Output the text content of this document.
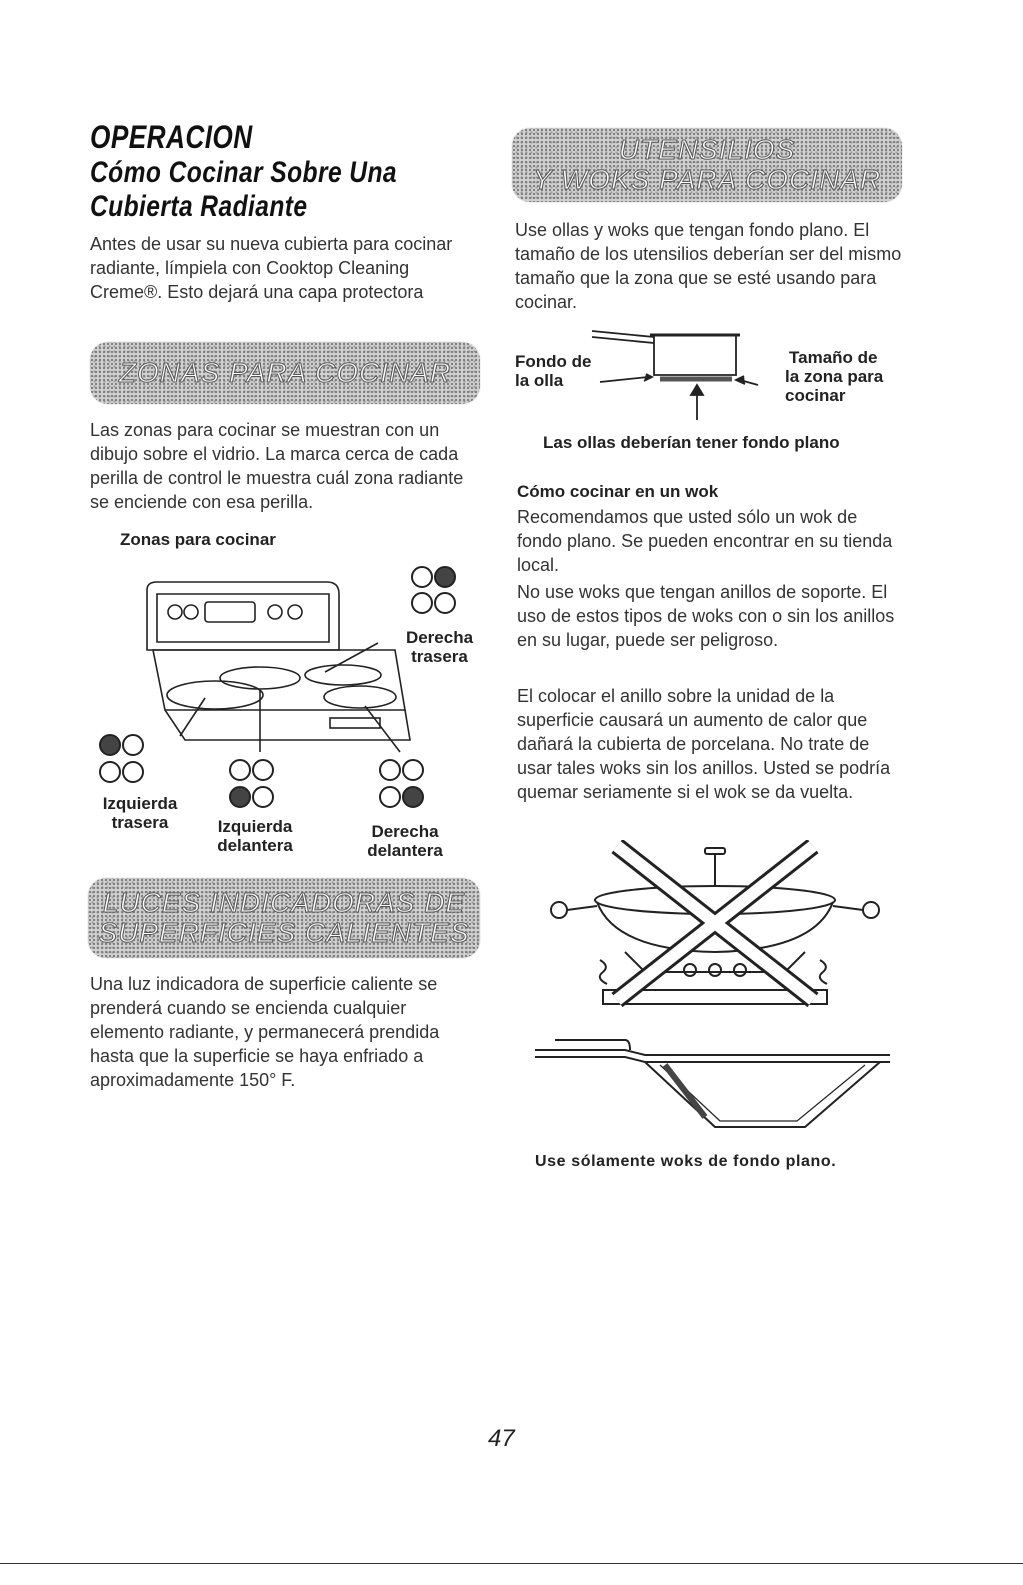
OPERACION
Cómo Cocinar Sobre Una
Cubierta Radiante
Antes de usar su nueva cubierta para cocinar radiante, límpiela con Cooktop Cleaning Creme®. Esto dejará una capa protectora
ZONAS PARA COCINAR
Las zonas para cocinar se muestran con un dibujo sobre el vidrio. La marca cerca de cada perilla de control le muestra cuál zona radiante se enciende con esa perilla.
Zonas para cocinar
Derecha
trasera
Izquierda
trasera	Izquierda
delantera
Derecha
delantera
LUCES INDICADORAS DE
SUPERFICIES CALIENTES
Una luz indicadora de superficie caliente se prenderá cuando se encienda cualquier elemento radiante, y permanecerá prendida hasta que la superficie se haya enfriado a aproximadamente 150° F.
UTENSILIOS
Y WOKS PARA COCINAR
Use ollas y woks que tengan fondo plano. El tamaño de los utensilios deberían ser del mismo tamaño que la zona que se esté usando para cocinar.
Fondo de
la olla
Tamaño de
la zona para
cocinar
Las ollas deberían tener fondo plano
Cómo cocinar en un wok
Recomendamos que usted sólo un wok de fondo plano. Se pueden encontrar en su tienda local.
No use woks que tengan anillos de soporte. El uso de estos tipos de woks con o sin los anillos en su lugar, puede ser peligroso.
El colocar el anillo sobre la unidad de la superficie causará un aumento de calor que dañará la cubierta de porcelana. No trate de usar tales woks sin los anillos. Usted se podría quemar seriamente si el wok se da vuelta.
Use sólamente woks de fondo plano.
47
